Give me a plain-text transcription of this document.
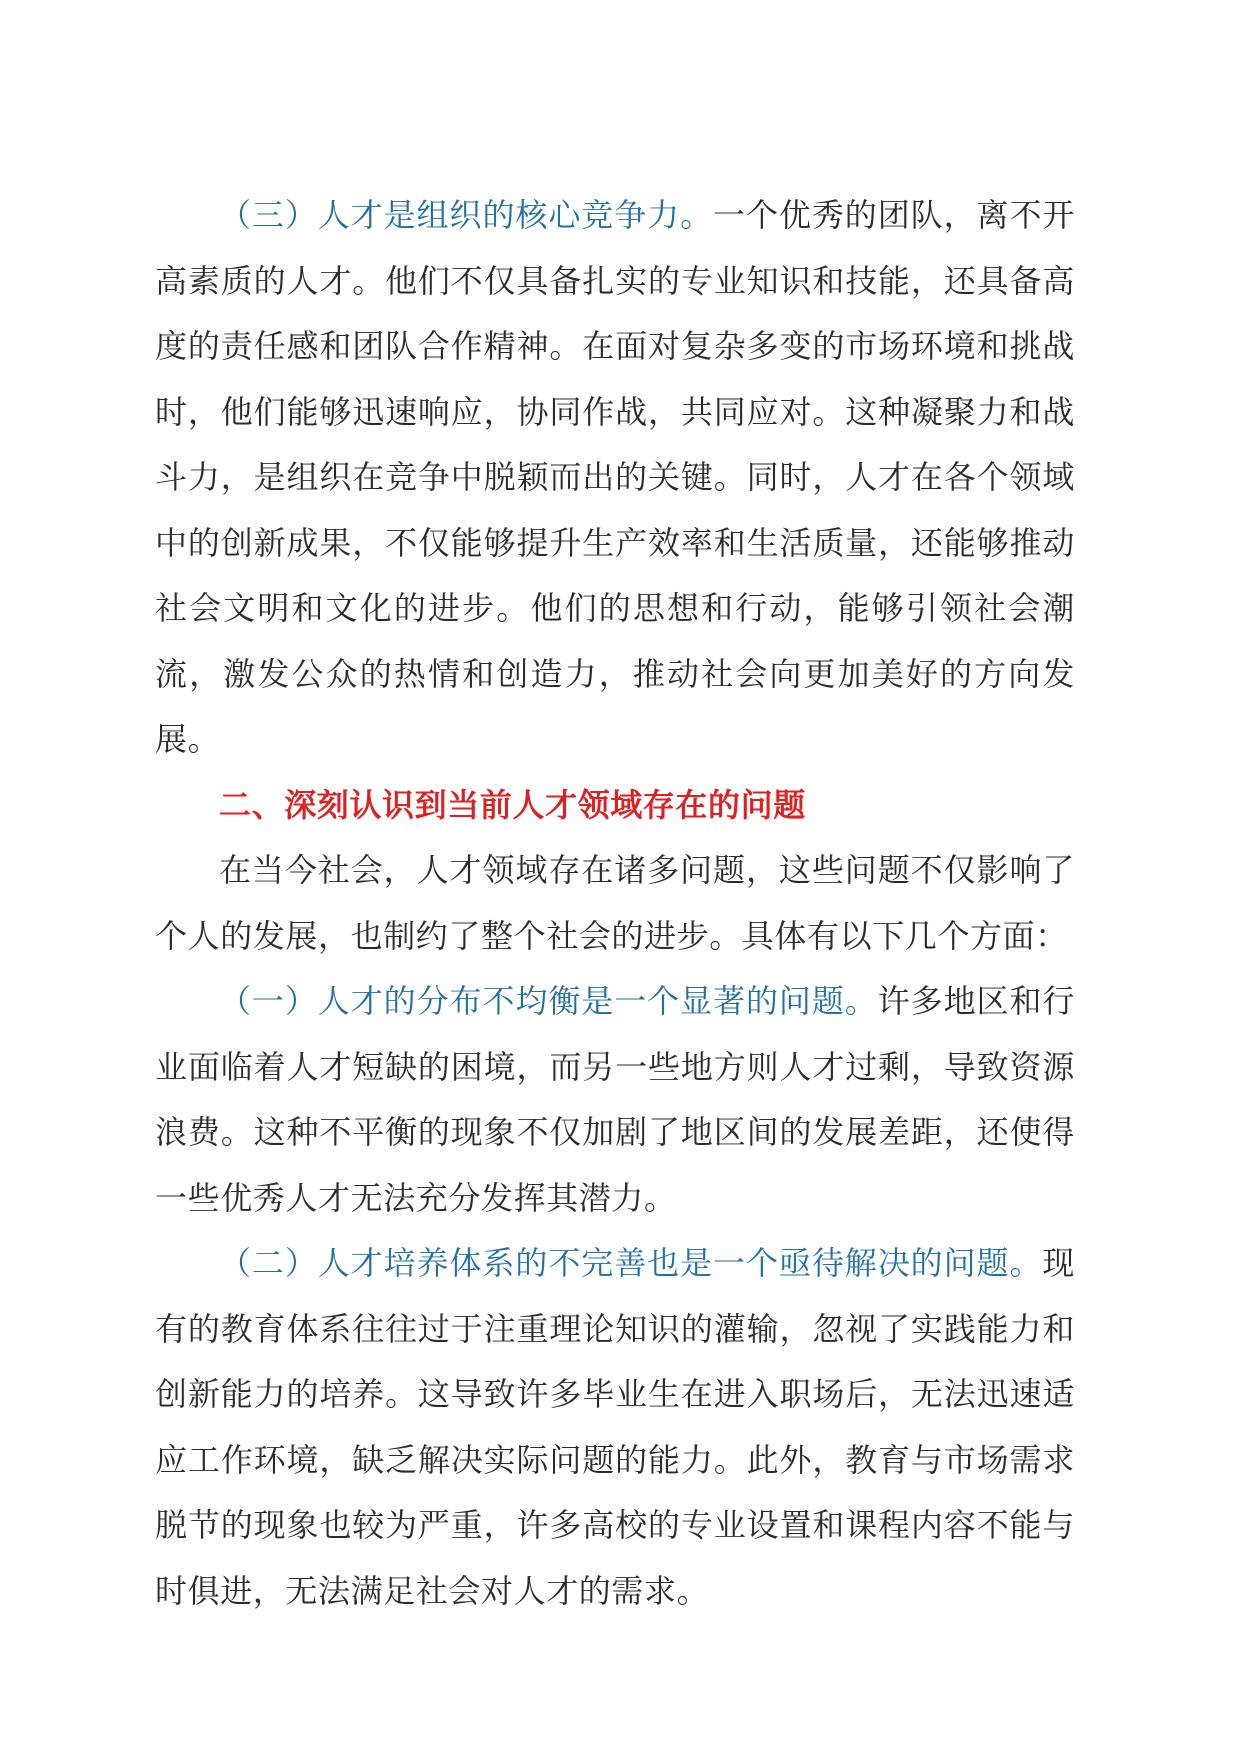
（三）人才是组织的核心竞争力。一个优秀的团队，离不开高素质的人才。他们不仅具备扎实的专业知识和技能，还具备高度的责任感和团队合作精神。在面对复杂多变的市场环境和挑战时，他们能够迅速响应，协同作战，共同应对。这种凝聚力和战斗力，是组织在竞争中脱颖而出的关键。同时，人才在各个领域中的创新成果，不仅能够提升生产效率和生活质量，还能够推动社会文明和文化的进步。他们的思想和行动，能够引领社会潮流，激发公众的热情和创造力，推动社会向更加美好的方向发展。

二、深刻认识到当前人才领域存在的问题

在当今社会，人才领域存在诸多问题，这些问题不仅影响了个人的发展，也制约了整个社会的进步。具体有以下几个方面：

（一）人才的分布不均衡是一个显著的问题。许多地区和行业面临着人才短缺的困境，而另一些地方则人才过剩，导致资源浪费。这种不平衡的现象不仅加剧了地区间的发展差距，还使得一些优秀人才无法充分发挥其潜力。

（二）人才培养体系的不完善也是一个亟待解决的问题。现有的教育体系往往过于注重理论知识的灌输，忽视了实践能力和创新能力的培养。这导致许多毕业生在进入职场后，无法迅速适应工作环境，缺乏解决实际问题的能力。此外，教育与市场需求脱节的现象也较为严重，许多高校的专业设置和课程内容不能与时俱进，无法满足社会对人才的需求。
